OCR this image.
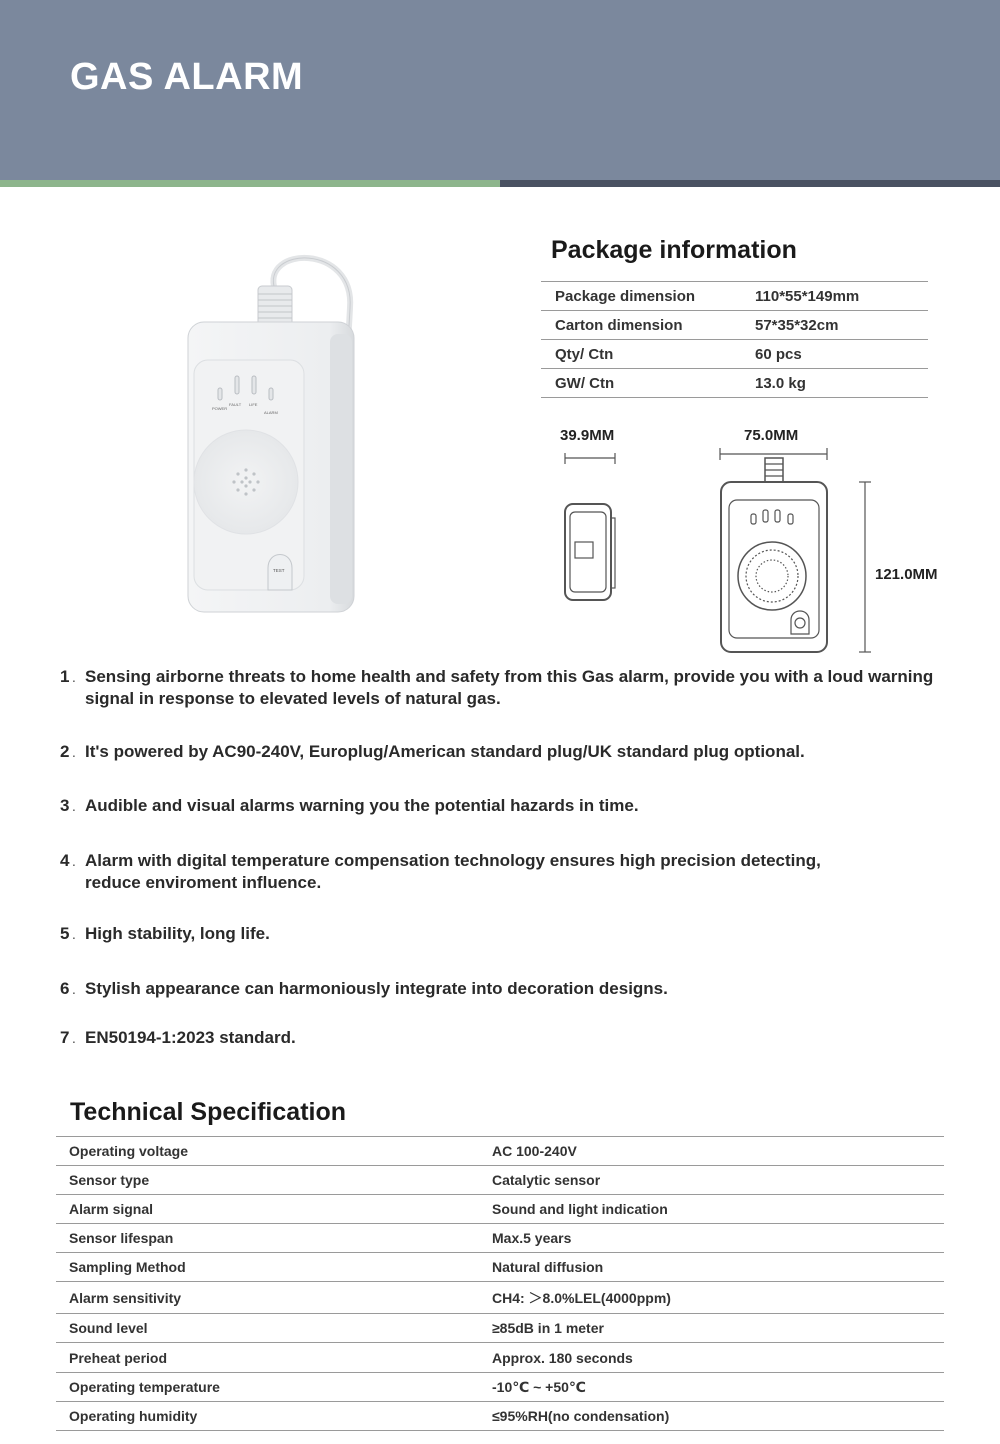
GAS ALARM
POWER
FAULT LIFE
ALARM
TEST
Package information
Package dimension	110*55*149mm
Carton dimension	57*35*32cm
Qty/ Ctn	60 pcs
GW/ Ctn	13.0 kg
39.9MM	75.0MM
121.0MM
1 . Sensing airborne threats to home health and safety from this Gas alarm, provide you with a loud warning signal in response to elevated levels of natural gas.
2 . It's powered by AC90-240V, Europlug/American standard plug/UK standard plug optional.
3 . Audible and visual alarms warning you the potential hazards in time.
4 . Alarm with digital temperature compensation technology ensures high precision detecting, reduce enviroment influence.
5 . High stability, long life.
6 . Stylish appearance can harmoniously integrate into decoration designs.
7 . EN50194-1:2023 standard.
Technical Specification
Operating voltage	AC 100-240V
Sensor type	Catalytic sensor
Alarm signal	Sound and light indication
Sensor lifespan	Max.5 years
Sampling Method	Natural diffusion
Alarm sensitivity	CH4: ＞8.0%LEL(4000ppm)
Sound level	≥85dB in 1 meter
Preheat period	Approx. 180 seconds
Operating temperature	-10℃ ~ +50℃
Operating humidity	≤95%RH(no condensation)
